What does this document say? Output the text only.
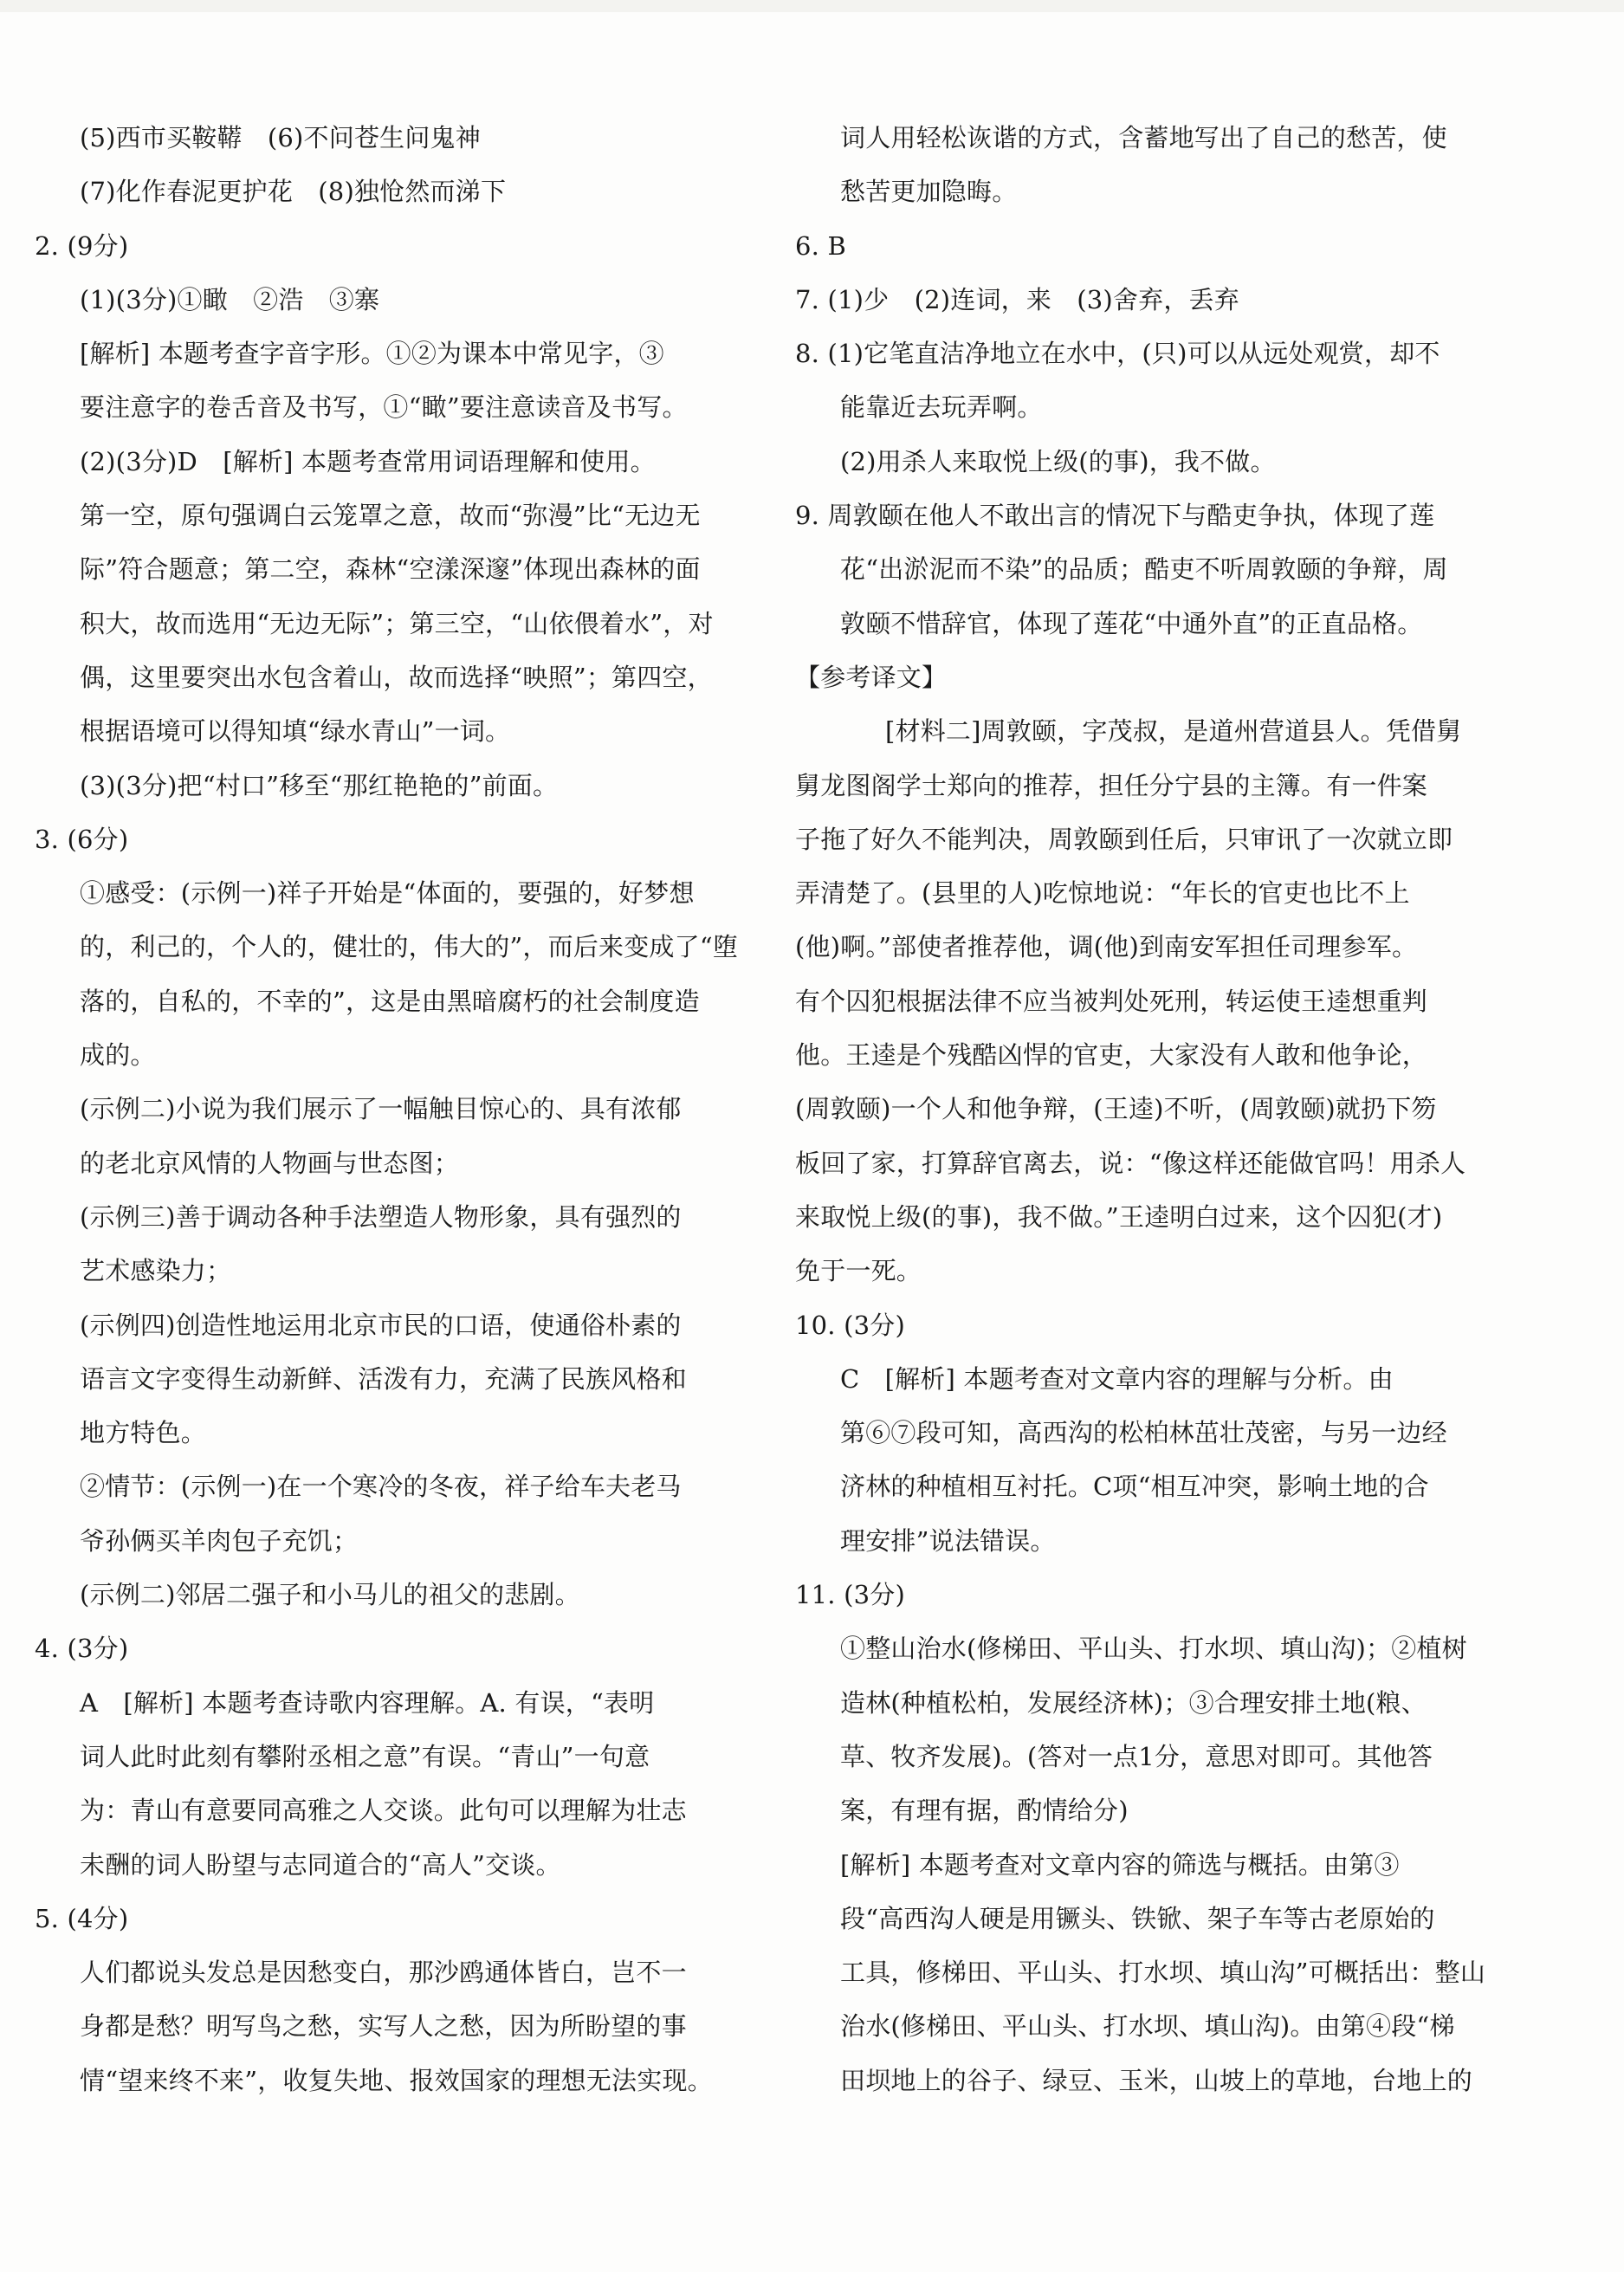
(5)西市买鞍鞯　(6)不问苍生问鬼神
(7)化作春泥更护花　(8)独怆然而涕下
2. (9分)
(1)(3分)①瞰　②浩　③寨
[解析] 本题考查字音字形。①②为课本中常见字，③
要注意字的卷舌音及书写，①“瞰”要注意读音及书写。
(2)(3分)D　[解析] 本题考查常用词语理解和使用。
第一空，原句强调白云笼罩之意，故而“弥漫”比“无边无
际”符合题意；第二空，森林“空漾深邃”体现出森林的面
积大，故而选用“无边无际”；第三空，“山依偎着水”，对
偶，这里要突出水包含着山，故而选择“映照”；第四空，
根据语境可以得知填“绿水青山”一词。
(3)(3分)把“村口”移至“那红艳艳的”前面。
3. (6分)
①感受：(示例一)祥子开始是“体面的，要强的，好梦想
的，利己的，个人的，健壮的，伟大的”，而后来变成了“堕
落的，自私的，不幸的”，这是由黑暗腐朽的社会制度造
成的。
(示例二)小说为我们展示了一幅触目惊心的、具有浓郁
的老北京风情的人物画与世态图；
(示例三)善于调动各种手法塑造人物形象，具有强烈的
艺术感染力；
(示例四)创造性地运用北京市民的口语，使通俗朴素的
语言文字变得生动新鲜、活泼有力，充满了民族风格和
地方特色。
②情节：(示例一)在一个寒冷的冬夜，祥子给车夫老马
爷孙俩买羊肉包子充饥；
(示例二)邻居二强子和小马儿的祖父的悲剧。
4. (3分)
A　[解析] 本题考查诗歌内容理解。A. 有误，“表明
词人此时此刻有攀附丞相之意”有误。“青山”一句意
为：青山有意要同高雅之人交谈。此句可以理解为壮志
未酬的词人盼望与志同道合的“高人”交谈。
5. (4分)
人们都说头发总是因愁变白，那沙鸥通体皆白，岂不一
身都是愁？明写鸟之愁，实写人之愁，因为所盼望的事
情“望来终不来”，收复失地、报效国家的理想无法实现。
词人用轻松诙谐的方式，含蓄地写出了自己的愁苦，使
愁苦更加隐晦。
6. B
7. (1)少　(2)连词，来　(3)舍弃，丢弃
8. (1)它笔直洁净地立在水中，(只)可以从远处观赏，却不
能靠近去玩弄啊。
(2)用杀人来取悦上级(的事)，我不做。
9. 周敦颐在他人不敢出言的情况下与酷吏争执，体现了莲
花“出淤泥而不染”的品质；酷吏不听周敦颐的争辩，周
敦颐不惜辞官，体现了莲花“中通外直”的正直品格。
【参考译文】
[材料二]周敦颐，字茂叔，是道州营道县人。凭借舅
舅龙图阁学士郑向的推荐，担任分宁县的主簿。有一件案
子拖了好久不能判决，周敦颐到任后，只审讯了一次就立即
弄清楚了。(县里的人)吃惊地说：“年长的官吏也比不上
(他)啊。”部使者推荐他，调(他)到南安军担任司理参军。
有个囚犯根据法律不应当被判处死刑，转运使王逵想重判
他。王逵是个残酷凶悍的官吏，大家没有人敢和他争论，
(周敦颐)一个人和他争辩，(王逵)不听，(周敦颐)就扔下笏
板回了家，打算辞官离去，说：“像这样还能做官吗！用杀人
来取悦上级(的事)，我不做。”王逵明白过来，这个囚犯(才)
免于一死。
10. (3分)
C　[解析] 本题考查对文章内容的理解与分析。由
第⑥⑦段可知，高西沟的松柏林茁壮茂密，与另一边经
济林的种植相互衬托。C项“相互冲突，影响土地的合
理安排”说法错误。
11. (3分)
①整山治水(修梯田、平山头、打水坝、填山沟)；②植树
造林(种植松柏，发展经济林)；③合理安排土地(粮、
草、牧齐发展)。(答对一点1分，意思对即可。其他答
案，有理有据，酌情给分)
[解析] 本题考查对文章内容的筛选与概括。由第③
段“高西沟人硬是用镢头、铁锨、架子车等古老原始的
工具，修梯田、平山头、打水坝、填山沟”可概括出：整山
治水(修梯田、平山头、打水坝、填山沟)。由第④段“梯
田坝地上的谷子、绿豆、玉米，山坡上的草地，台地上的
